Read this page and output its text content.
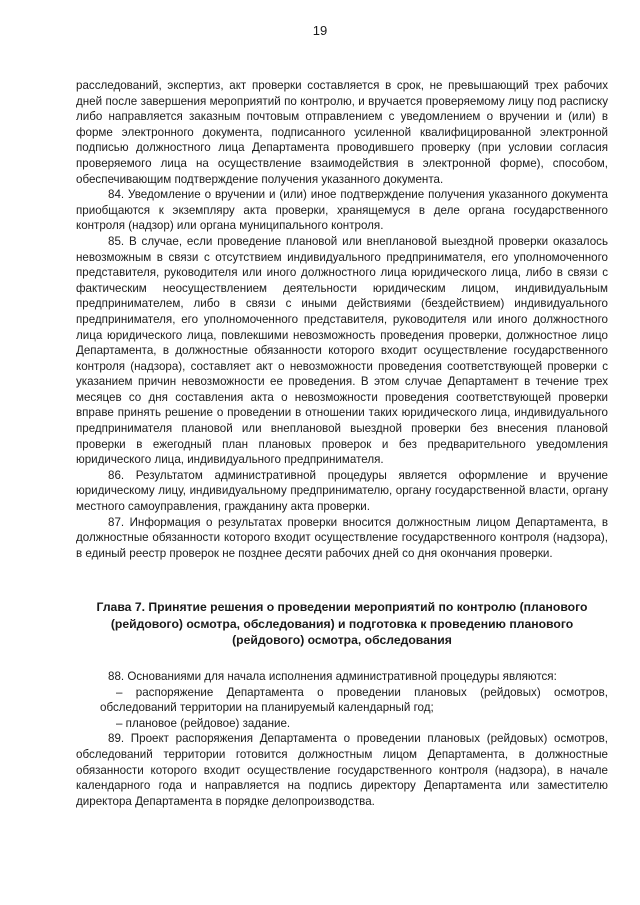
19

расследований, экспертиз, акт проверки составляется в срок, не превышающий трех рабочих дней после завершения мероприятий по контролю, и вручается проверяемому лицу под расписку либо направляется заказным почтовым отправлением с уведомлением о вручении и (или) в форме электронного документа, подписанного усиленной квалифицированной электронной подписью должностного лица Департамента проводившего проверку (при условии согласия проверяемого лица на осуществление взаимодействия в электронной форме), способом, обеспечивающим подтверждение получения указанного документа.

84. Уведомление о вручении и (или) иное подтверждение получения указанного документа приобщаются к экземпляру акта проверки, хранящемуся в деле органа государственного контроля (надзор) или органа муниципального контроля.

85. В случае, если проведение плановой или внеплановой выездной проверки оказалось невозможным в связи с отсутствием индивидуального предпринимателя, его уполномоченного представителя, руководителя или иного должностного лица юридического лица, либо в связи с фактическим неосуществлением деятельности юридическим лицом, индивидуальным предпринимателем, либо в связи с иными действиями (бездействием) индивидуального предпринимателя, его уполномоченного представителя, руководителя или иного должностного лица юридического лица, повлекшими невозможность проведения проверки, должностное лицо Департамента, в должностные обязанности которого входит осуществление государственного контроля (надзора), составляет акт о невозможности проведения соответствующей проверки с указанием причин невозможности ее проведения. В этом случае Департамент в течение трех месяцев со дня составления акта о невозможности проведения соответствующей проверки вправе принять решение о проведении в отношении таких юридического лица, индивидуального предпринимателя плановой или внеплановой выездной проверки без внесения плановой проверки в ежегодный план плановых проверок и без предварительного уведомления юридического лица, индивидуального предпринимателя.

86. Результатом административной процедуры является оформление и вручение юридическому лицу, индивидуальному предпринимателю, органу государственной власти, органу местного самоуправления, гражданину акта проверки.

87. Информация о результатах проверки вносится должностным лицом Департамента, в должностные обязанности которого входит осуществление государственного контроля (надзора), в единый реестр проверок не позднее десяти рабочих дней со дня окончания проверки.

Глава 7. Принятие решения о проведении мероприятий по контролю (планового (рейдового) осмотра, обследования) и подготовка к проведению планового (рейдового) осмотра, обследования

88. Основаниями для начала исполнения административной процедуры являются:

– распоряжение Департамента о проведении плановых (рейдовых) осмотров, обследований территории на планируемый календарный год;

– плановое (рейдовое) задание.

89. Проект распоряжения Департамента о проведении плановых (рейдовых) осмотров, обследований территории готовится должностным лицом Департамента, в должностные обязанности которого входит осуществление государственного контроля (надзора), в начале календарного года и направляется на подпись директору Департамента или заместителю директора Департамента в порядке делопроизводства.
